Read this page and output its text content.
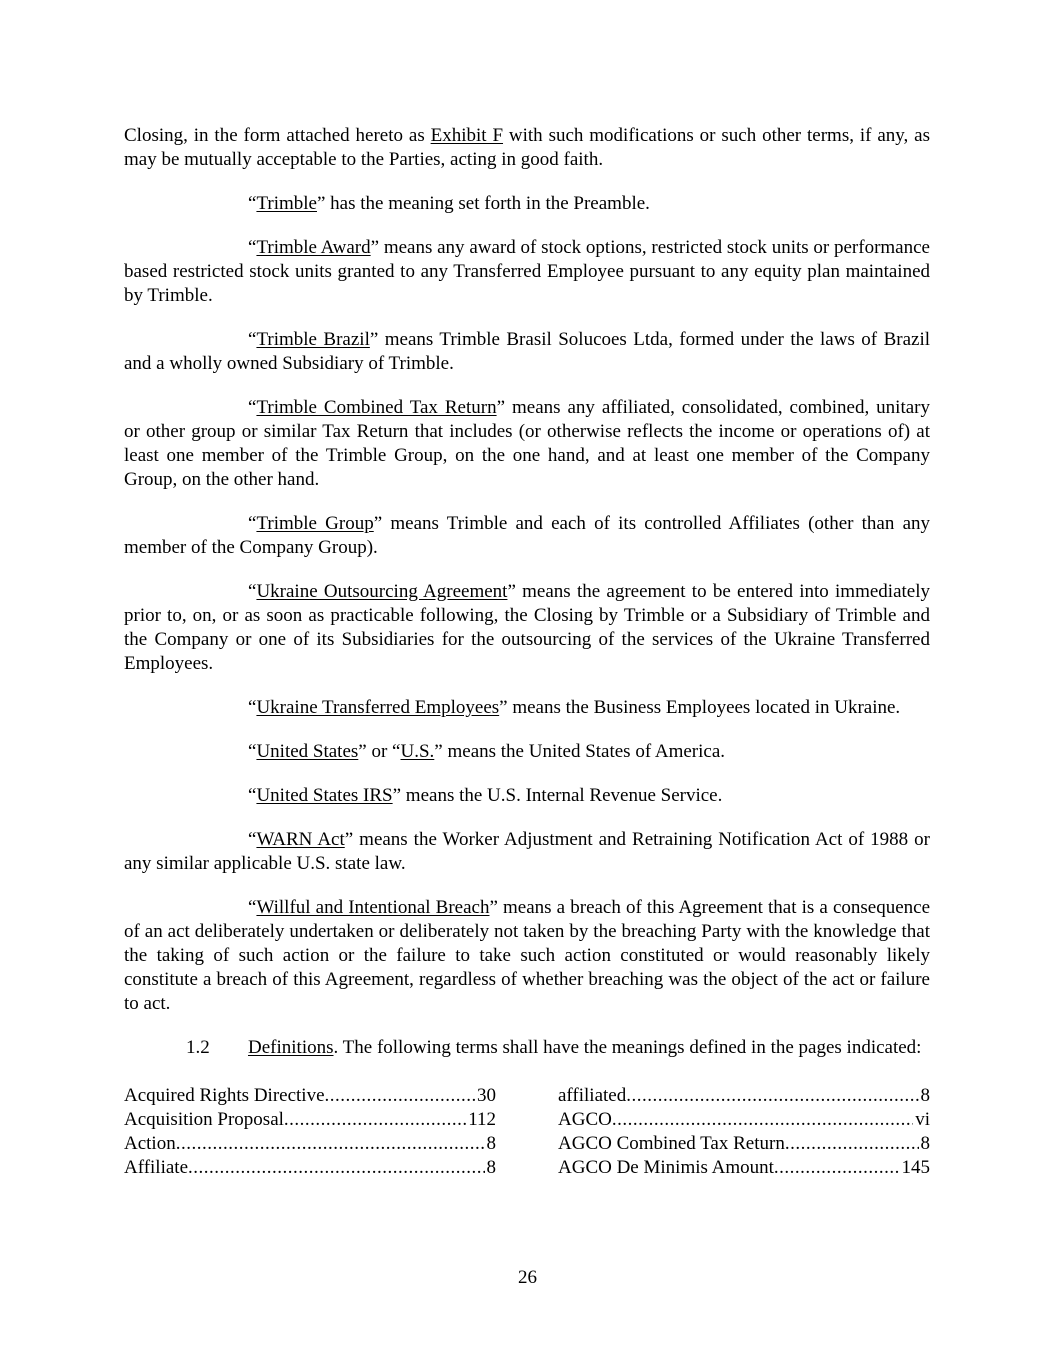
Closing, in the form attached hereto as Exhibit F with such modifications or such other terms, if any, as may be mutually acceptable to the Parties, acting in good faith.

“Trimble” has the meaning set forth in the Preamble.

“Trimble Award” means any award of stock options, restricted stock units or performance based restricted stock units granted to any Transferred Employee pursuant to any equity plan maintained by Trimble.

“Trimble Brazil” means Trimble Brasil Solucoes Ltda, formed under the laws of Brazil and a wholly owned Subsidiary of Trimble.

“Trimble Combined Tax Return” means any affiliated, consolidated, combined, unitary or other group or similar Tax Return that includes (or otherwise reflects the income or operations of) at least one member of the Trimble Group, on the one hand, and at least one member of the Company Group, on the other hand.

“Trimble Group” means Trimble and each of its controlled Affiliates (other than any member of the Company Group).

“Ukraine Outsourcing Agreement” means the agreement to be entered into immediately prior to, on, or as soon as practicable following, the Closing by Trimble or a Subsidiary of Trimble and the Company or one of its Subsidiaries for the outsourcing of the services of the Ukraine Transferred Employees.

“Ukraine Transferred Employees” means the Business Employees located in Ukraine.

“United States” or “U.S.” means the United States of America.

“United States IRS” means the U.S. Internal Revenue Service.

“WARN Act” means the Worker Adjustment and Retraining Notification Act of 1988 or any similar applicable U.S. state law.

“Willful and Intentional Breach” means a breach of this Agreement that is a consequence of an act deliberately undertaken or deliberately not taken by the breaching Party with the knowledge that the taking of such action or the failure to take such action constituted or would reasonably likely constitute a breach of this Agreement, regardless of whether breaching was the object of the act or failure to act.

1.2 Definitions. The following terms shall have the meanings defined in the pages indicated:

Acquired Rights Directive .....	30
Acquisition Proposal .....	112
Action .....	8
Affiliate .....	8
affiliated .....	8
AGCO .....	vi
AGCO Combined Tax Return .....	8
AGCO De Minimis Amount .....	145
26
